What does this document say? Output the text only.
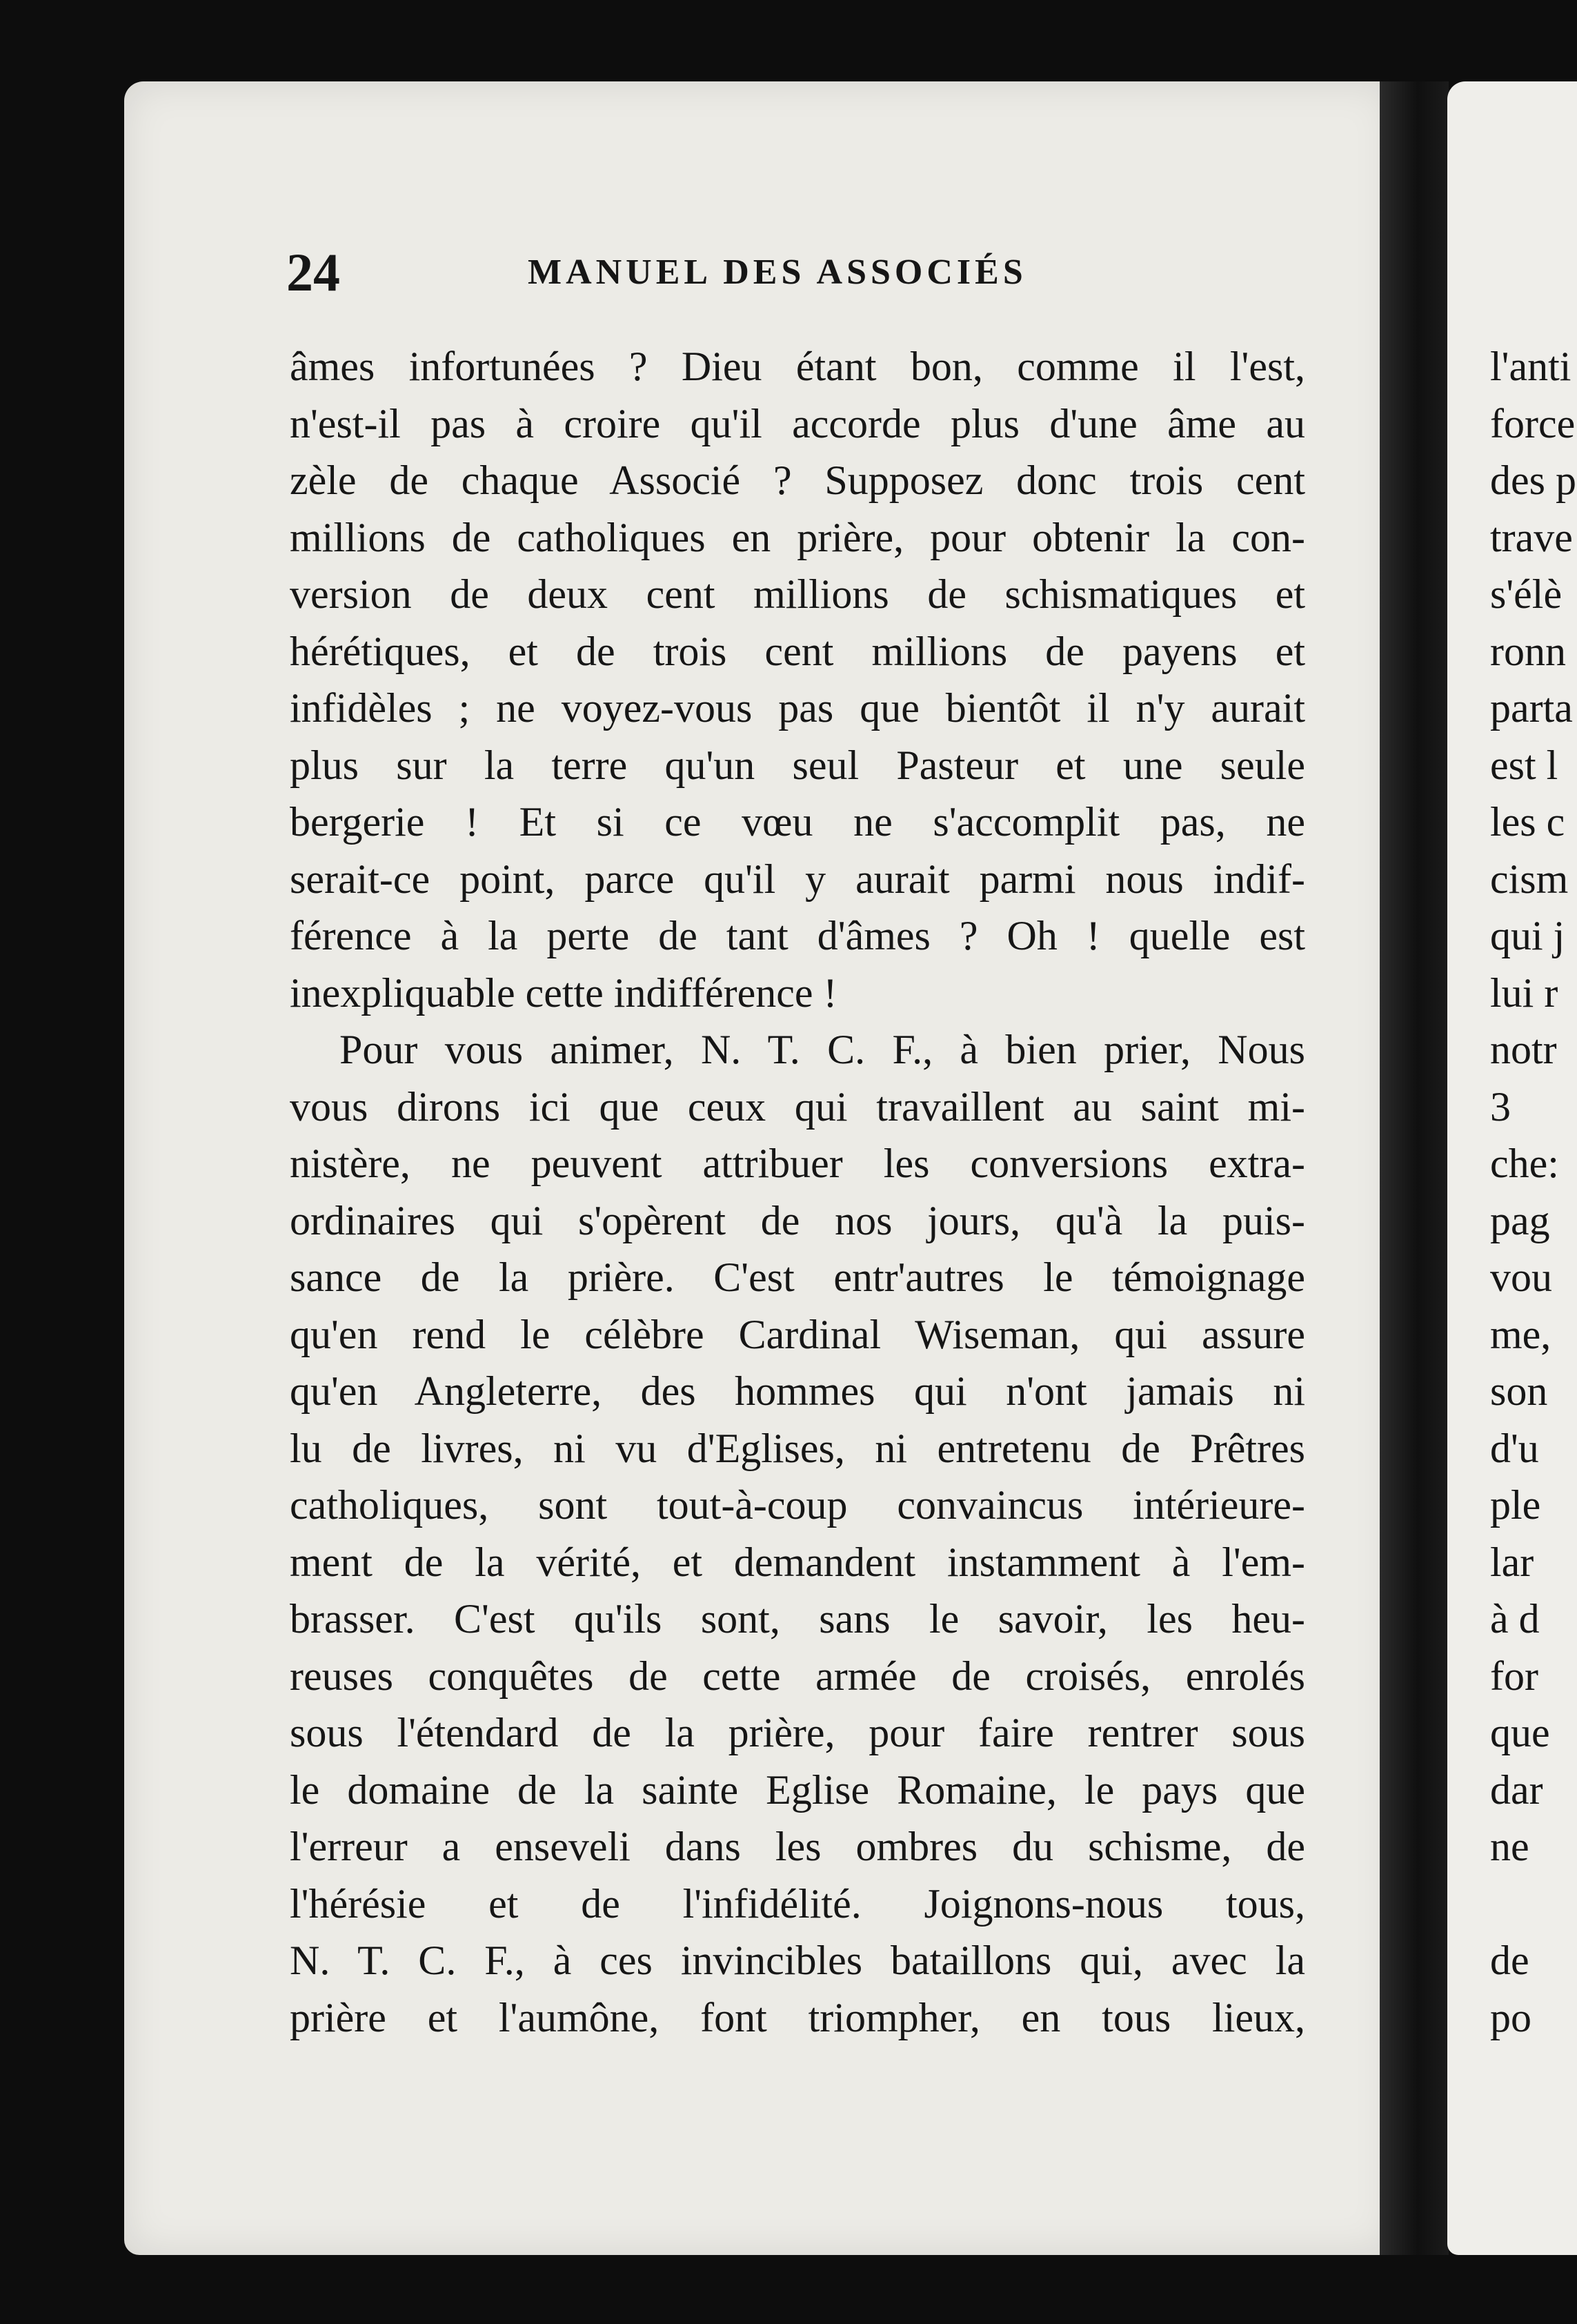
24	MANUEL DES ASSOCIÉS
âmes infortunées ? Dieu étant bon, comme il l'est,
n'est-il pas à croire qu'il accorde plus d'une âme au
zèle de chaque Associé ? Supposez donc trois cent
millions de catholiques en prière, pour obtenir la con-
version de deux cent millions de schismatiques et
hérétiques, et de trois cent millions de payens et
infidèles ; ne voyez-vous pas que bientôt il n'y aurait
plus sur la terre qu'un seul Pasteur et une seule
bergerie ! Et si ce vœu ne s'accomplit pas, ne
serait-ce point, parce qu'il y aurait parmi nous indif-
férence à la perte de tant d'âmes ? Oh ! quelle est
inexpliquable cette indifférence !
Pour vous animer, N. T. C. F., à bien prier, Nous
vous dirons ici que ceux qui travaillent au saint mi-
nistère, ne peuvent attribuer les conversions extra-
ordinaires qui s'opèrent de nos jours, qu'à la puis-
sance de la prière. C'est entr'autres le témoignage
qu'en rend le célèbre Cardinal Wiseman, qui assure
qu'en Angleterre, des hommes qui n'ont jamais ni
lu de livres, ni vu d'Eglises, ni entretenu de Prêtres
catholiques, sont tout-à-coup convaincus intérieure-
ment de la vérité, et demandent instamment à l'em-
brasser. C'est qu'ils sont, sans le savoir, les heu-
reuses conquêtes de cette armée de croisés, enrolés
sous l'étendard de la prière, pour faire rentrer sous
le domaine de la sainte Eglise Romaine, le pays que
l'erreur a enseveli dans les ombres du schisme, de
l'hérésie et de l'infidélité. Joignons-nous tous,
N. T. C. F., à ces invincibles bataillons qui, avec la
prière et l'aumône, font triompher, en tous lieux,
l'anti
force
des p
trave
s'élè
ronn
parta
est l
les c
cism
qui j
lui r
notr
3
che:
pag
vou
me,
son
d'u
ple
lar
à d
for
que
dar
ne
de
po
